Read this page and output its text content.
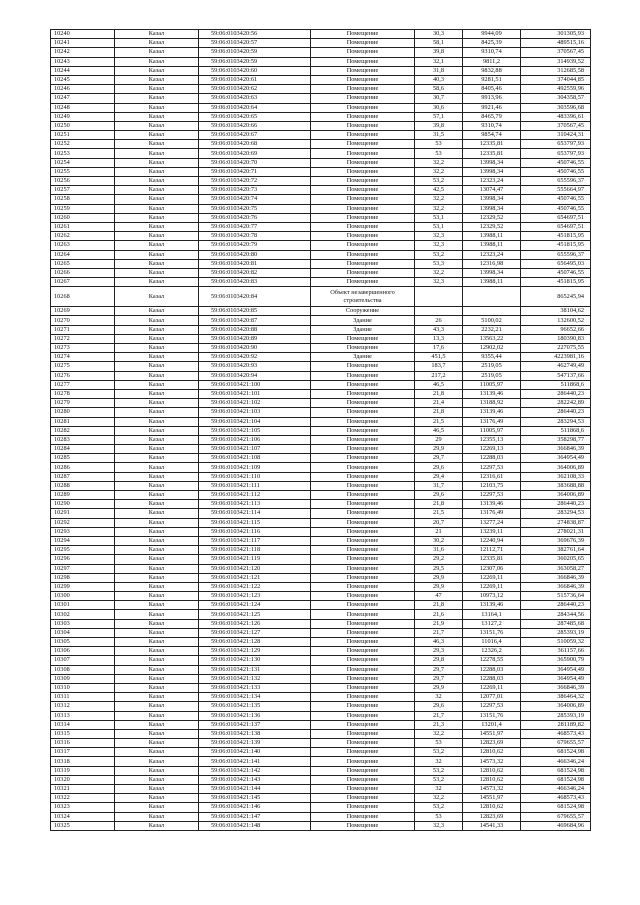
10240	Казал	59:06:0103420:56	Помещение	30,3	9944,09	301305,93
10241	Казал	59:06:0103420:57	Помещение	58,1	8425,39	489515,16
10242	Казал	59:06:0103420:59	Помещение	39,8	9310,74	370567,45
10243	Казал	59:06:0103420:59	Помещение	32,1	9811,2	314939,52
10244	Казал	59:06:0103420:60	Помещение	31,8	9832,88	312685,58
10245	Казал	59:06:0103420:61	Помещение	40,3	9281,51	374044,85
10246	Казал	59:06:0103420:62	Помещение	58,6	8405,46	492559,96
10247	Казал	59:06:0103420:63	Помещение	30,7	9913,96	304358,57
10248	Казал	59:06:0103420:64	Помещение	30,6	9921,46	303596,68
10249	Казал	59:06:0103420:65	Помещение	57,1	8465,79	483396,61
10250	Казал	59:06:0103420:66	Помещение	39,8	9310,74	370567,45
10251	Казал	59:06:0103420:67	Помещение	31,5	9854,74	310424,31
10252	Казал	59:06:0103420:68	Помещение	53	12335,81	653797,93
10253	Казал	59:06:0103420:69	Помещение	53	12335,81	653797,93
10254	Казал	59:06:0103420:70	Помещение	32,2	13998,34	450746,55
10255	Казал	59:06:0103420:71	Помещение	32,2	13998,34	450746,55
10256	Казал	59:06:0103420:72	Помещение	53,2	12323,24	655596,37
10257	Казал	59:06:0103420:73	Помещение	42,5	13074,47	555664,97
10258	Казал	59:06:0103420:74	Помещение	32,2	13998,34	450746,55
10259	Казал	59:06:0103420:75	Помещение	32,2	13998,34	450746,55
10260	Казал	59:06:0103420:76	Помещение	53,1	12329,52	654697,51
10261	Казал	59:06:0103420:77	Помещение	53,1	12329,52	654697,51
10262	Казал	59:06:0103420:78	Помещение	32,3	13988,11	451815,95
10263	Казал	59:06:0103420:79	Помещение	32,3	13988,11	451815,95
10264	Казал	59:06:0103420:80	Помещение	53,2	12323,24	655596,37
10265	Казал	59:06:0103420:81	Помещение	53,3	12316,98	656495,03
10266	Казал	59:06:0103420:82	Помещение	32,2	13998,34	450746,55
10267	Казал	59:06:0103420:83	Помещение	32,3	13988,11	451815,95
10268	Казал	59:06:0103420:84	Объект незавершенного строительства			865245,94
10269	Казал	59:06:0103420:85	Сооружение			38104,62
10270	Казал	59:06:0103420:87	Здание	26	5100,02	132600,52
10271	Казал	59:06:0103420:88	Здание	43,3	2232,21	96652,66
10272	Казал	59:06:0103420:89	Помещение	13,3	13563,22	180390,83
10273	Казал	59:06:0103420:90	Помещение	17,6	12902,02	227075,55
10274	Казал	59:06:0103420:92	Здание	451,5	9355,44	4223981,16
10275	Казал	59:06:0103420:93	Помещение	183,7	2519,05	462749,49
10276	Казал	59:06:0103420:94	Помещение	217,2	2519,05	547137,66
10277	Казал	59:06:0103421:100	Помещение	46,5	11005,97	511868,6
10278	Казал	59:06:0103421:101	Помещение	21,8	13139,46	286440,23
10279	Казал	59:06:0103421:102	Помещение	21,4	13188,92	282242,89
10280	Казал	59:06:0103421:103	Помещение	21,8	13139,46	286440,23
10281	Казал	59:06:0103421:104	Помещение	21,5	13176,49	283294,53
10282	Казал	59:06:0103421:105	Помещение	46,5	11005,97	511868,6
10283	Казал	59:06:0103421:106	Помещение	29	12355,13	358298,77
10284	Казал	59:06:0103421:107	Помещение	29,9	12269,13	366846,39
10285	Казал	59:06:0103421:108	Помещение	29,7	12288,03	364954,49
10286	Казал	59:06:0103421:109	Помещение	29,6	12297,53	364006,89
10287	Казал	59:06:0103421:110	Помещение	29,4	12316,61	362108,33
10288	Казал	59:06:0103421:111	Помещение	31,7	12103,75	383688,88
10289	Казал	59:06:0103421:112	Помещение	29,6	12297,53	364006,89
10290	Казал	59:06:0103421:113	Помещение	21,8	13139,46	286440,23
10291	Казал	59:06:0103421:114	Помещение	21,5	13176,49	283294,53
10292	Казал	59:06:0103421:115	Помещение	20,7	13277,24	274838,87
10293	Казал	59:06:0103421:116	Помещение	21	13239,11	278021,31
10294	Казал	59:06:0103421:117	Помещение	30,2	12240,94	369676,39
10295	Казал	59:06:0103421:118	Помещение	31,6	12112,71	382761,64
10296	Казал	59:06:0103421:119	Помещение	29,2	12335,81	360205,65
10297	Казал	59:06:0103421:120	Помещение	29,5	12307,06	363058,27
10298	Казал	59:06:0103421:121	Помещение	29,9	12269,11	366846,39
10299	Казал	59:06:0103421:122	Помещение	29,9	12269,11	366846,39
10300	Казал	59:06:0103421:123	Помещение	47	10973,12	515736,64
10301	Казал	59:06:0103421:124	Помещение	21,8	13139,46	286440,23
10302	Казал	59:06:0103421:125	Помещение	21,6	13164,1	284344,56
10303	Казал	59:06:0103421:126	Помещение	21,9	13127,2	287485,68
10304	Казал	59:06:0103421:127	Помещение	21,7	13151,76	285393,19
10305	Казал	59:06:0103421:128	Помещение	46,3	11016,4	510059,32
10306	Казал	59:06:0103421:129	Помещение	29,3	12326,2	361157,66
10307	Казал	59:06:0103421:130	Помещение	29,8	12278,55	365900,79
10308	Казал	59:06:0103421:131	Помещение	29,7	12288,03	364954,49
10309	Казал	59:06:0103421:132	Помещение	29,7	12288,03	364954,49
10310	Казал	59:06:0103421:133	Помещение	29,9	12269,11	366846,39
10311	Казал	59:06:0103421:134	Помещение	32	12077,01	386464,32
10312	Казал	59:06:0103421:135	Помещение	29,6	12297,53	364006,89
10313	Казал	59:06:0103421:136	Помещение	21,7	13151,76	285393,19
10314	Казал	59:06:0103421:137	Помещение	21,3	13201,4	281189,82
10315	Казал	59:06:0103421:138	Помещение	32,2	14551,97	468573,43
10316	Казал	59:06:0103421:139	Помещение	53	12823,69	679655,57
10317	Казал	59:06:0103421:140	Помещение	53,2	12810,62	681524,98
10318	Казал	59:06:0103421:141	Помещение	32	14573,32	466346,24
10319	Казал	59:06:0103421:142	Помещение	53,2	12810,62	681524,98
10320	Казал	59:06:0103421:143	Помещение	53,2	12810,62	681524,98
10321	Казал	59:06:0103421:144	Помещение	32	14573,32	466346,24
10322	Казал	59:06:0103421:145	Помещение	32,2	14551,97	468573,43
10323	Казал	59:06:0103421:146	Помещение	53,2	12810,62	681524,98
10324	Казал	59:06:0103421:147	Помещение	53	12823,69	679655,57
10325	Казал	59:06:0103421:148	Помещение	32,3	14541,33	469684,96
